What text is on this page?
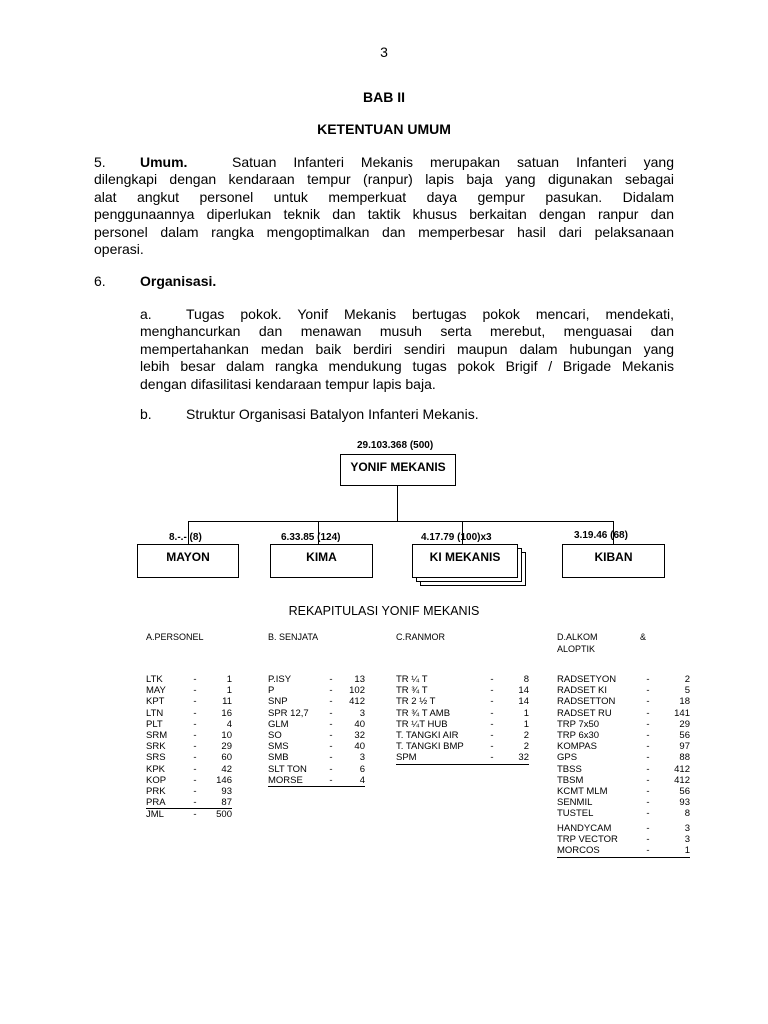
3
BAB II
KETENTUAN UMUM
5. Umum.	Satuan Infanteri Mekanis merupakan satuan Infanteri yang
dilengkapi dengan kendaraan tempur (ranpur) lapis baja yang digunakan sebagai
alat angkut personel untuk memperkuat daya gempur pasukan. Didalam
penggunaannya diperlukan teknik dan taktik khusus berkaitan dengan ranpur dan
personel dalam rangka mengoptimalkan dan memperbesar hasil dari pelaksanaan
operasi.
6. Organisasi.
a. Tugas pokok. Yonif Mekanis bertugas pokok mencari, mendekati,
menghancurkan dan menawan musuh serta merebut, menguasai dan
mempertahankan medan baik berdiri sendiri maupun dalam hubungan yang
lebih besar dalam rangka mendukung tugas pokok Brigif / Brigade Mekanis
dengan difasilitasi kendaraan tempur lapis baja.
b. Struktur Organisasi Batalyon Infanteri Mekanis.
29.103.368 (500)
YONIF MEKANIS
8.-.- (8)	6.33.85 (124)	4.17.79 (100)x3	3.19.46 (68)
MAYON	KIMA	KI MEKANIS	KIBAN
REKAPITULASI YONIF MEKANIS
A.PERSONEL	B. SENJATA	C.RANMOR	D.ALKOM	&
ALOPTIK
LTK	-	1
MAY	-	1
KPT	-	11
LTN	-	16
PLT	-	4
SRM	-	10
SRK	-	29
SRS	-	60
KPK	-	42
KOP	-	146
PRK	-	93
PRA	-	87
JML	-	500
P.ISY	-	13
P	-	102
SNP	-	412
SPR 12,7	-	3
GLM	-	40
SO	-	32
SMS	-	40
SMB	-	3
SLT TON	-	6
MORSE	-	4
TR ¼ T	-	8
TR ¾ T	-	14
TR 2 ½ T	-	14
TR ¾ T AMB	-	1
TR ¼T HUB	-	1
T. TANGKI AIR	-	2
T. TANGKI BMP	-	2
SPM	-	32
RADSETYON	-	2
RADSET KI	-	5
RADSETTON	-	18
RADSET RU	-	141
TRP 7x50	-	29
TRP 6x30	-	56
KOMPAS	-	97
GPS	-	88
TBSS	-	412
TBSM	-	412
KCMT MLM	-	56
SENMIL	-	93
TUSTEL	-	8
HANDYCAM	-	3
TRP VECTOR	-	3
MORCOS	-	1
